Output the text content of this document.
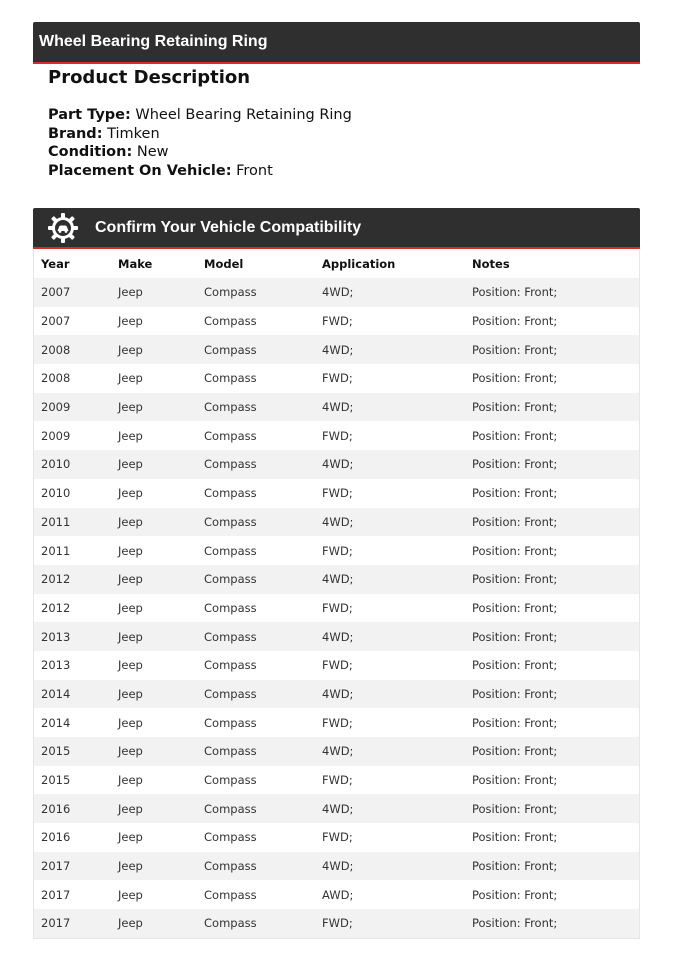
Wheel Bearing Retaining Ring
Product Description
Part Type: Wheel Bearing Retaining Ring
Brand: Timken
Condition: New
Placement On Vehicle: Front
Confirm Your Vehicle Compatibility
Year	Make	Model	Application	Notes
2007	Jeep	Compass	4WD;	Position: Front;
2007	Jeep	Compass	FWD;	Position: Front;
2008	Jeep	Compass	4WD;	Position: Front;
2008	Jeep	Compass	FWD;	Position: Front;
2009	Jeep	Compass	4WD;	Position: Front;
2009	Jeep	Compass	FWD;	Position: Front;
2010	Jeep	Compass	4WD;	Position: Front;
2010	Jeep	Compass	FWD;	Position: Front;
2011	Jeep	Compass	4WD;	Position: Front;
2011	Jeep	Compass	FWD;	Position: Front;
2012	Jeep	Compass	4WD;	Position: Front;
2012	Jeep	Compass	FWD;	Position: Front;
2013	Jeep	Compass	4WD;	Position: Front;
2013	Jeep	Compass	FWD;	Position: Front;
2014	Jeep	Compass	4WD;	Position: Front;
2014	Jeep	Compass	FWD;	Position: Front;
2015	Jeep	Compass	4WD;	Position: Front;
2015	Jeep	Compass	FWD;	Position: Front;
2016	Jeep	Compass	4WD;	Position: Front;
2016	Jeep	Compass	FWD;	Position: Front;
2017	Jeep	Compass	4WD;	Position: Front;
2017	Jeep	Compass	AWD;	Position: Front;
2017	Jeep	Compass	FWD;	Position: Front;
